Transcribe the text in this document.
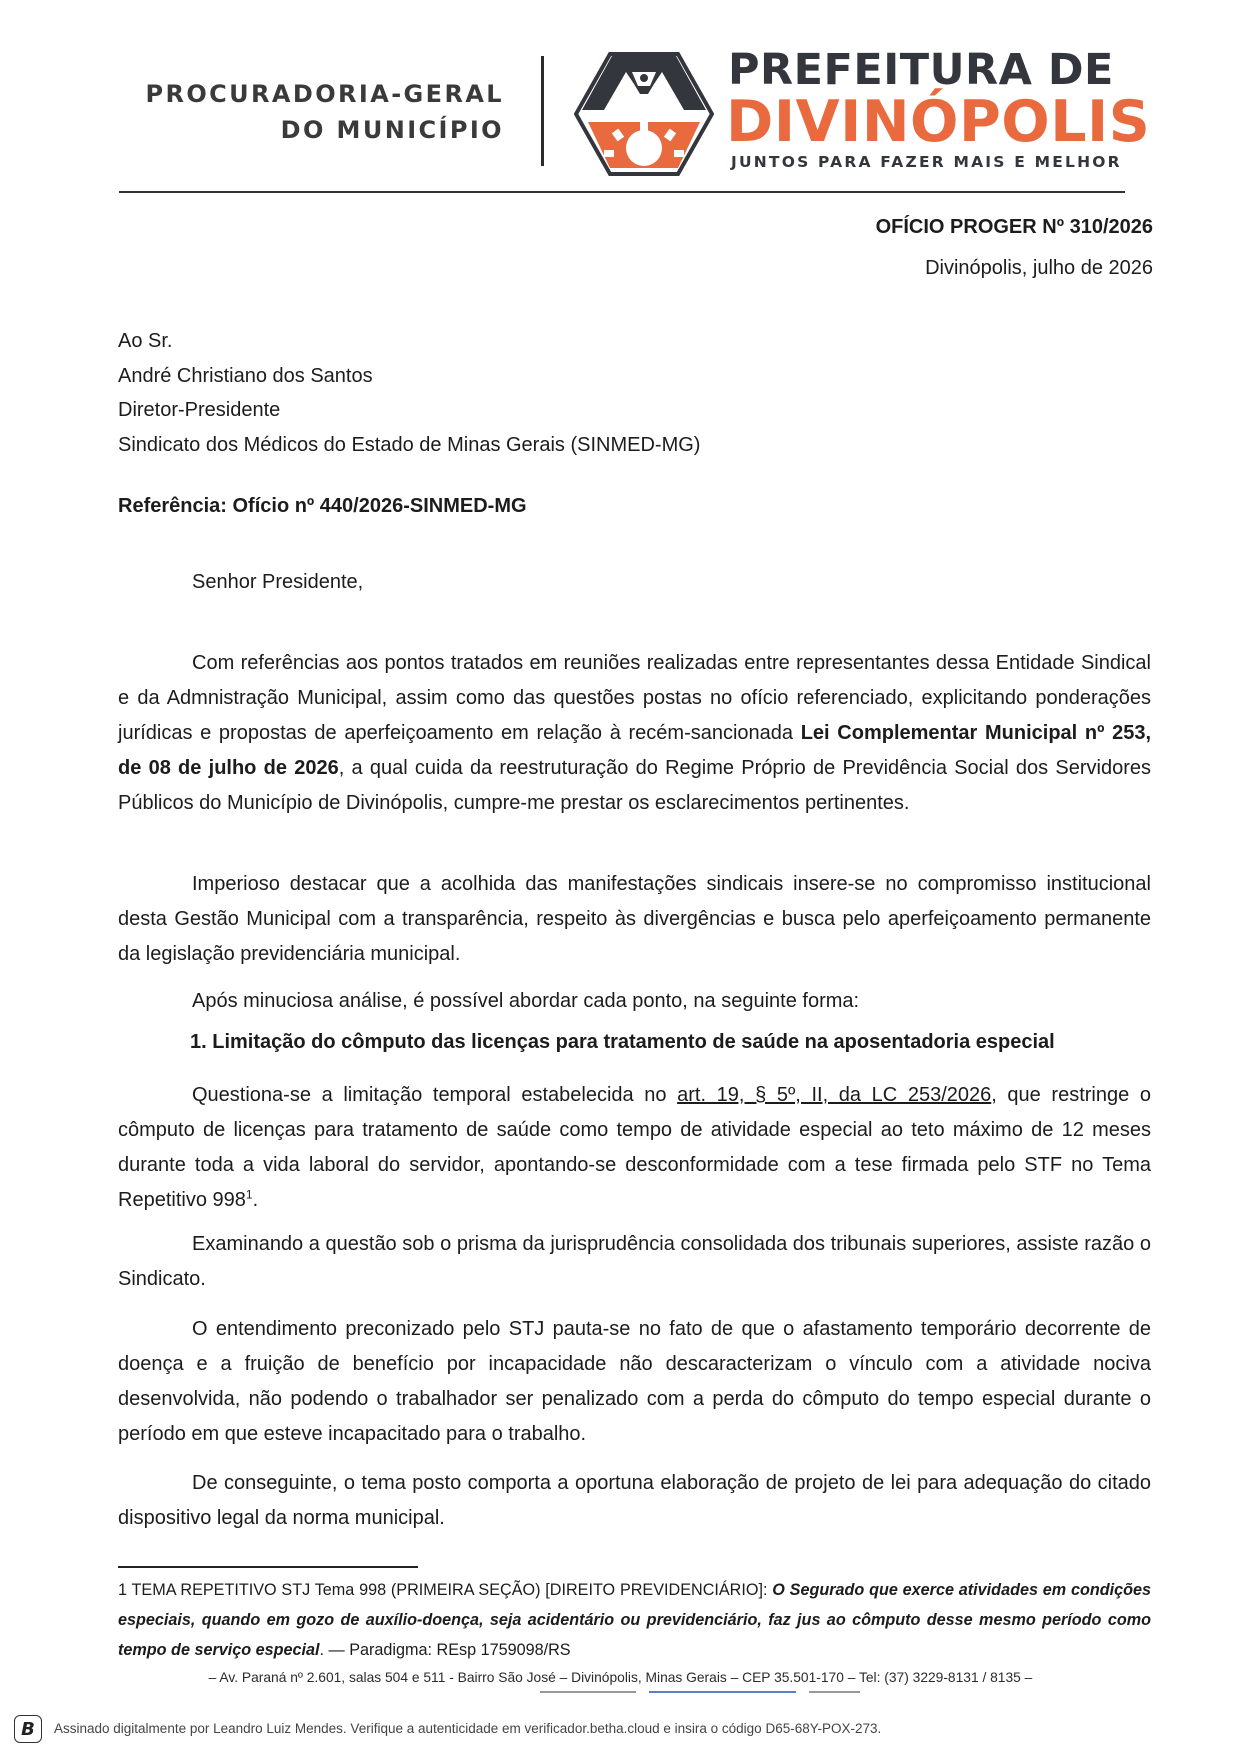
PROCURADORIA-GERAL
DO MUNICÍPIO
PREFEITURA DE
DIVINÓPOLIS
JUNTOS PARA FAZER MAIS E MELHOR
OFÍCIO PROGER Nº 310/2026
Divinópolis, julho de 2026
Ao Sr.
André Christiano dos Santos
Diretor-Presidente
Sindicato dos Médicos do Estado de Minas Gerais (SINMED-MG)
Referência: Ofício nº 440/2026-SINMED-MG
Senhor Presidente,
Com referências aos pontos tratados em reuniões realizadas entre representantes dessa Entidade Sindical e da Admnistração Municipal, assim como das questões postas no ofício referenciado, explicitando ponderações jurídicas e propostas de aperfeiçoamento em relação à recém-sancionada Lei Complementar Municipal nº 253, de 08 de julho de 2026, a qual cuida da reestruturação do Regime Próprio de Previdência Social dos Servidores Públicos do Município de Divinópolis, cumpre-me prestar os esclarecimentos pertinentes.
Imperioso destacar que a acolhida das manifestações sindicais insere-se no compromisso institucional desta Gestão Municipal com a transparência, respeito às divergências e busca pelo aperfeiçoamento permanente da legislação previdenciária municipal.
Após minuciosa análise, é possível abordar cada ponto, na seguinte forma:
1. Limitação do cômputo das licenças para tratamento de saúde na aposentadoria especial
Questiona-se a limitação temporal estabelecida no art. 19, § 5º, II, da LC 253/2026, que restringe o cômputo de licenças para tratamento de saúde como tempo de atividade especial ao teto máximo de 12 meses durante toda a vida laboral do servidor, apontando-se desconformidade com a tese firmada pelo STF no Tema Repetitivo $998^1$.
Examinando a questão sob o prisma da jurisprudência consolidada dos tribunais superiores, assiste razão o Sindicato.
O entendimento preconizado pelo STJ pauta-se no fato de que o afastamento temporário decorrente de doença e a fruição de benefício por incapacidade não descaracterizam o vínculo com a atividade nociva desenvolvida, não podendo o trabalhador ser penalizado com a perda do cômputo do tempo especial durante o período em que esteve incapacitado para o trabalho.
De conseguinte, o tema posto comporta a oportuna elaboração de projeto de lei para adequação do citado dispositivo legal da norma municipal.
1 TEMA REPETITIVO STJ Tema 998 (PRIMEIRA SEÇÃO) [DIREITO PREVIDENCIÁRIO]: O Segurado que exerce atividades em condições especiais, quando em gozo de auxílio-doença, seja acidentário ou previdenciário, faz jus ao cômputo desse mesmo período como tempo de serviço especial. — Paradigma: REsp 1759098/RS
– Av. Paraná nº 2.601, salas 504 e 511 - Bairro São José – Divinópolis, Minas Gerais – CEP 35.501-170 – Tel: (37) 3229-8131 / 8135 –
B	Assinado digitalmente por Leandro Luiz Mendes. Verifique a autenticidade em verificador.betha.cloud e insira o código D65-68Y-POX-273.
